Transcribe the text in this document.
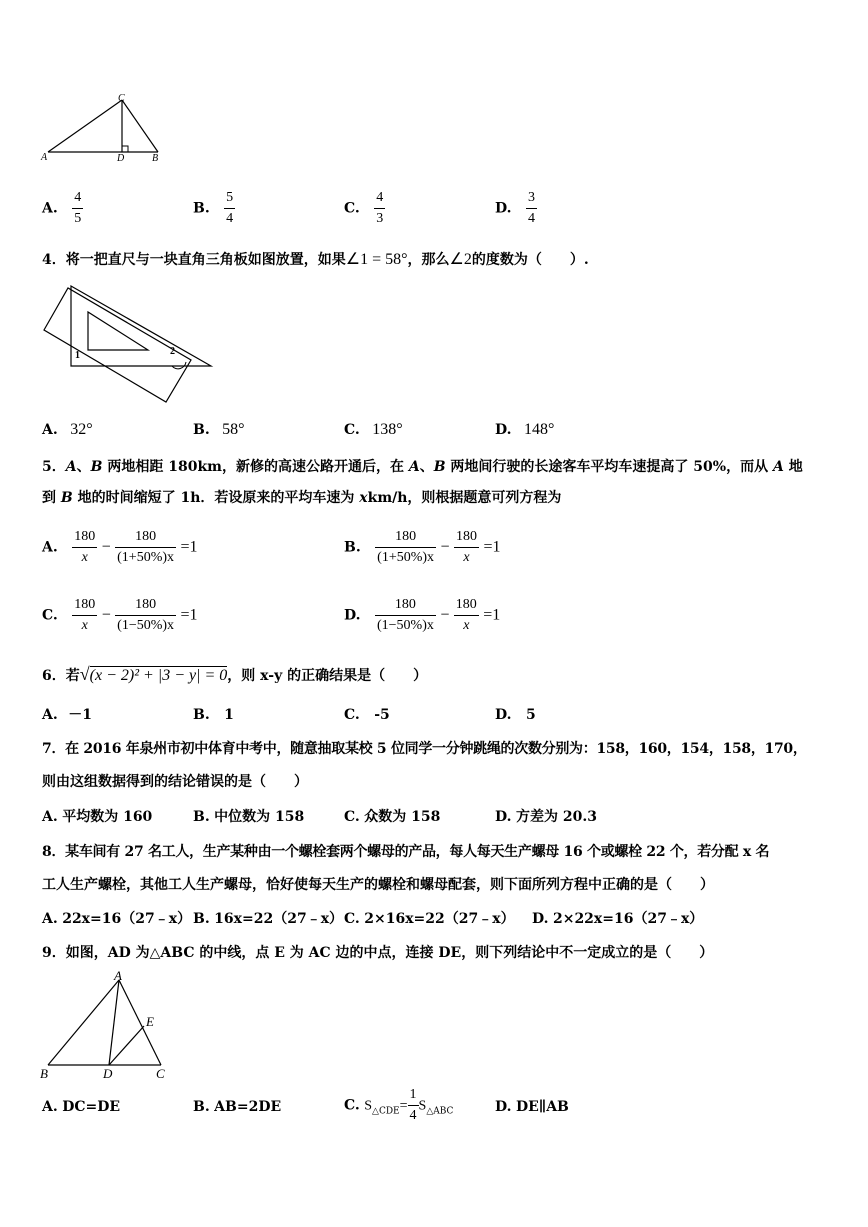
C
A	D	B
A. $\frac{4}{5}$	B. $\frac{5}{4}$	C. $\frac{4}{3}$	D. $\frac{3}{4}$
4．将一把直尺与一块直角三角板如图放置，如果∠1 = 58°，那么∠2的度数为（　　）.
1	2
A. 32°	B. 58°	C. 138°	D. 148°
5．A、B 两地相距 180km，新修的高速公路开通后，在 A、B 两地间行驶的长途客车平均车速提高了 50%，而从 A 地
到 B 地的时间缩短了 1h．若设原来的平均车速为 xkm/h，则根据题意可列方程为
A. $\frac{180}{x} - \frac{180}{(1+50\%)x} =1$	B. $\frac{180}{(1+50\%)x} - \frac{180}{x} =1$
C. $\frac{180}{x} - \frac{180}{(1-50\%)x} =1$	D. $\frac{180}{(1-50\%)x} - \frac{180}{x} =1$
6．若√(x − 2)² + |3 − y| = 0，则 x-y 的正确结果是（　　）
A. －1	B. 1	C. -5	D. 5
7．在 2016 年泉州市初中体育中考中，随意抽取某校 5 位同学一分钟跳绳的次数分别为：158，160，154，158，170，
则由这组数据得到的结论错误的是（　　）
A. 平均数为 160	B. 中位数为 158	C. 众数为 158	D. 方差为 20.3
8．某车间有 27 名工人，生产某种由一个螺栓套两个螺母的产品，每人每天生产螺母 16 个或螺栓 22 个，若分配 x 名
工人生产螺栓，其他工人生产螺母，恰好使每天生产的螺栓和螺母配套，则下面所列方程中正确的是（　　）
A. 22x=16（27﹣x） B. 16x=22（27﹣x） C. 2×16x=22（27﹣x） D. 2×22x=16（27﹣x）
9．如图，AD 为△ABC 的中线，点 E 为 AC 边的中点，连接 DE，则下列结论中不一定成立的是（　　）
A
E
B	D	C
A. DC=DE	B. AB=2DE	C. $S_{\triangle CDE}= \frac{1}{4} S_{\triangle ABC}$	D. DE∥AB
